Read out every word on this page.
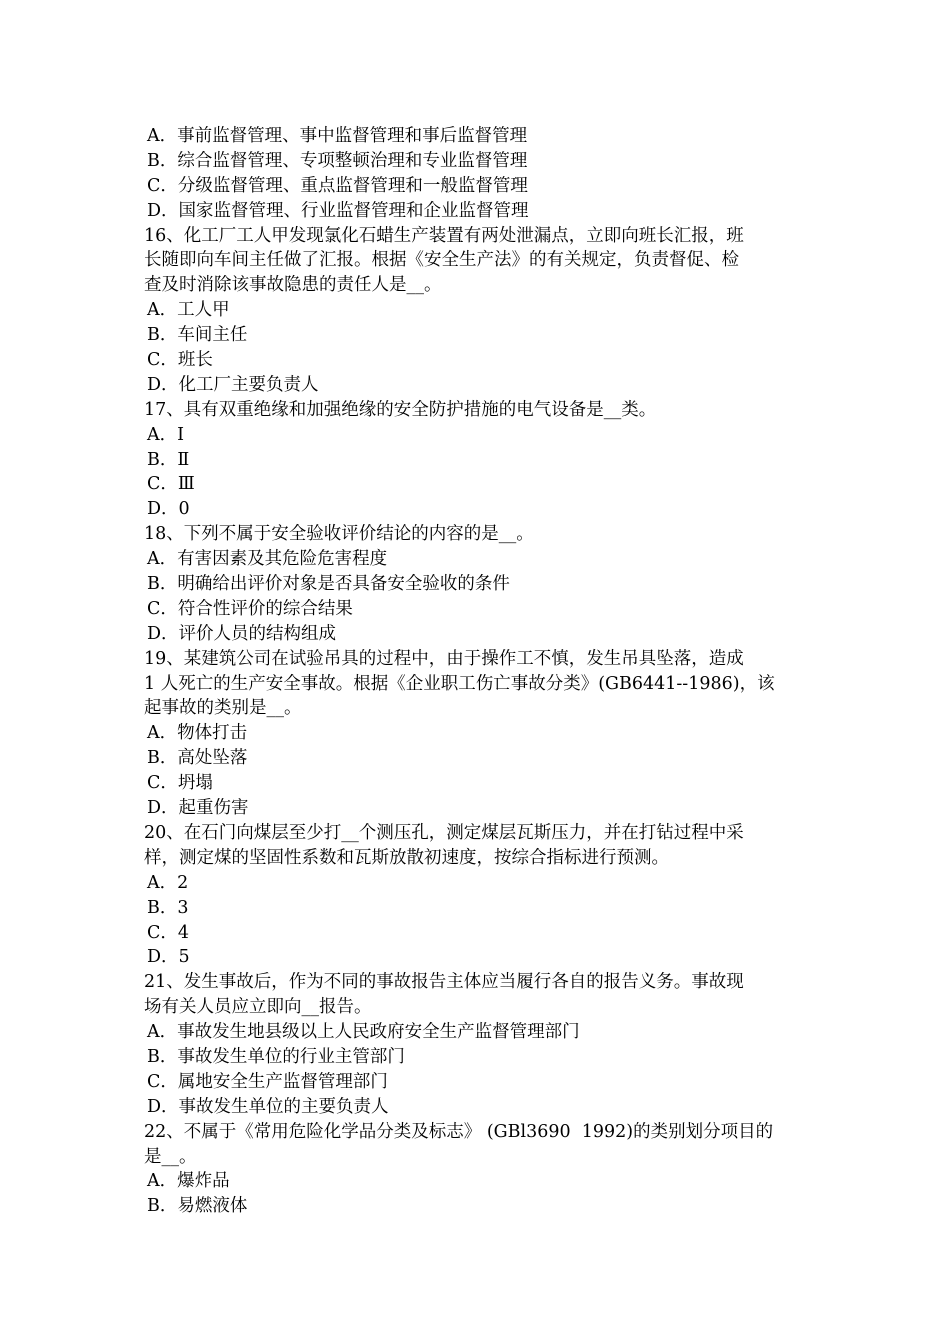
A．事前监督管理、事中监督管理和事后监督管理
B．综合监督管理、专项整顿治理和专业监督管理
C．分级监督管理、重点监督管理和一般监督管理
D．国家监督管理、行业监督管理和企业监督管理
16、化工厂工人甲发现氯化石蜡生产装置有两处泄漏点，立即向班长汇报，班
长随即向车间主任做了汇报。根据《安全生产法》的有关规定，负责督促、检
查及时消除该事故隐患的责任人是__。
A．工人甲
B．车间主任
C．班长
D．化工厂主要负责人
17、具有双重绝缘和加强绝缘的安全防护措施的电气设备是__类。
A．Ⅰ
B．Ⅱ
C．Ⅲ
D．0
18、下列不属于安全验收评价结论的内容的是__。
A．有害因素及其危险危害程度
B．明确给出评价对象是否具备安全验收的条件
C．符合性评价的综合结果
D．评价人员的结构组成
19、某建筑公司在试验吊具的过程中，由于操作工不慎，发生吊具坠落，造成
1 人死亡的生产安全事故。根据《企业职工伤亡事故分类》(GB6441--1986)，该
起事故的类别是__。
A．物体打击
B．高处坠落
C．坍塌
D．起重伤害
20、在石门向煤层至少打__个测压孔，测定煤层瓦斯压力，并在打钻过程中采
样，测定煤的坚固性系数和瓦斯放散初速度，按综合指标进行预测。
A．2
B．3
C．4
D．5
21、发生事故后，作为不同的事故报告主体应当履行各自的报告义务。事故现
场有关人员应立即向__报告。
A．事故发生地县级以上人民政府安全生产监督管理部门
B．事故发生单位的行业主管部门
C．属地安全生产监督管理部门
D．事故发生单位的主要负责人
22、不属于《常用危险化学品分类及标志》 (GBl3690  1992)的类别划分项目的
是__。
A．爆炸品
B．易燃液体
